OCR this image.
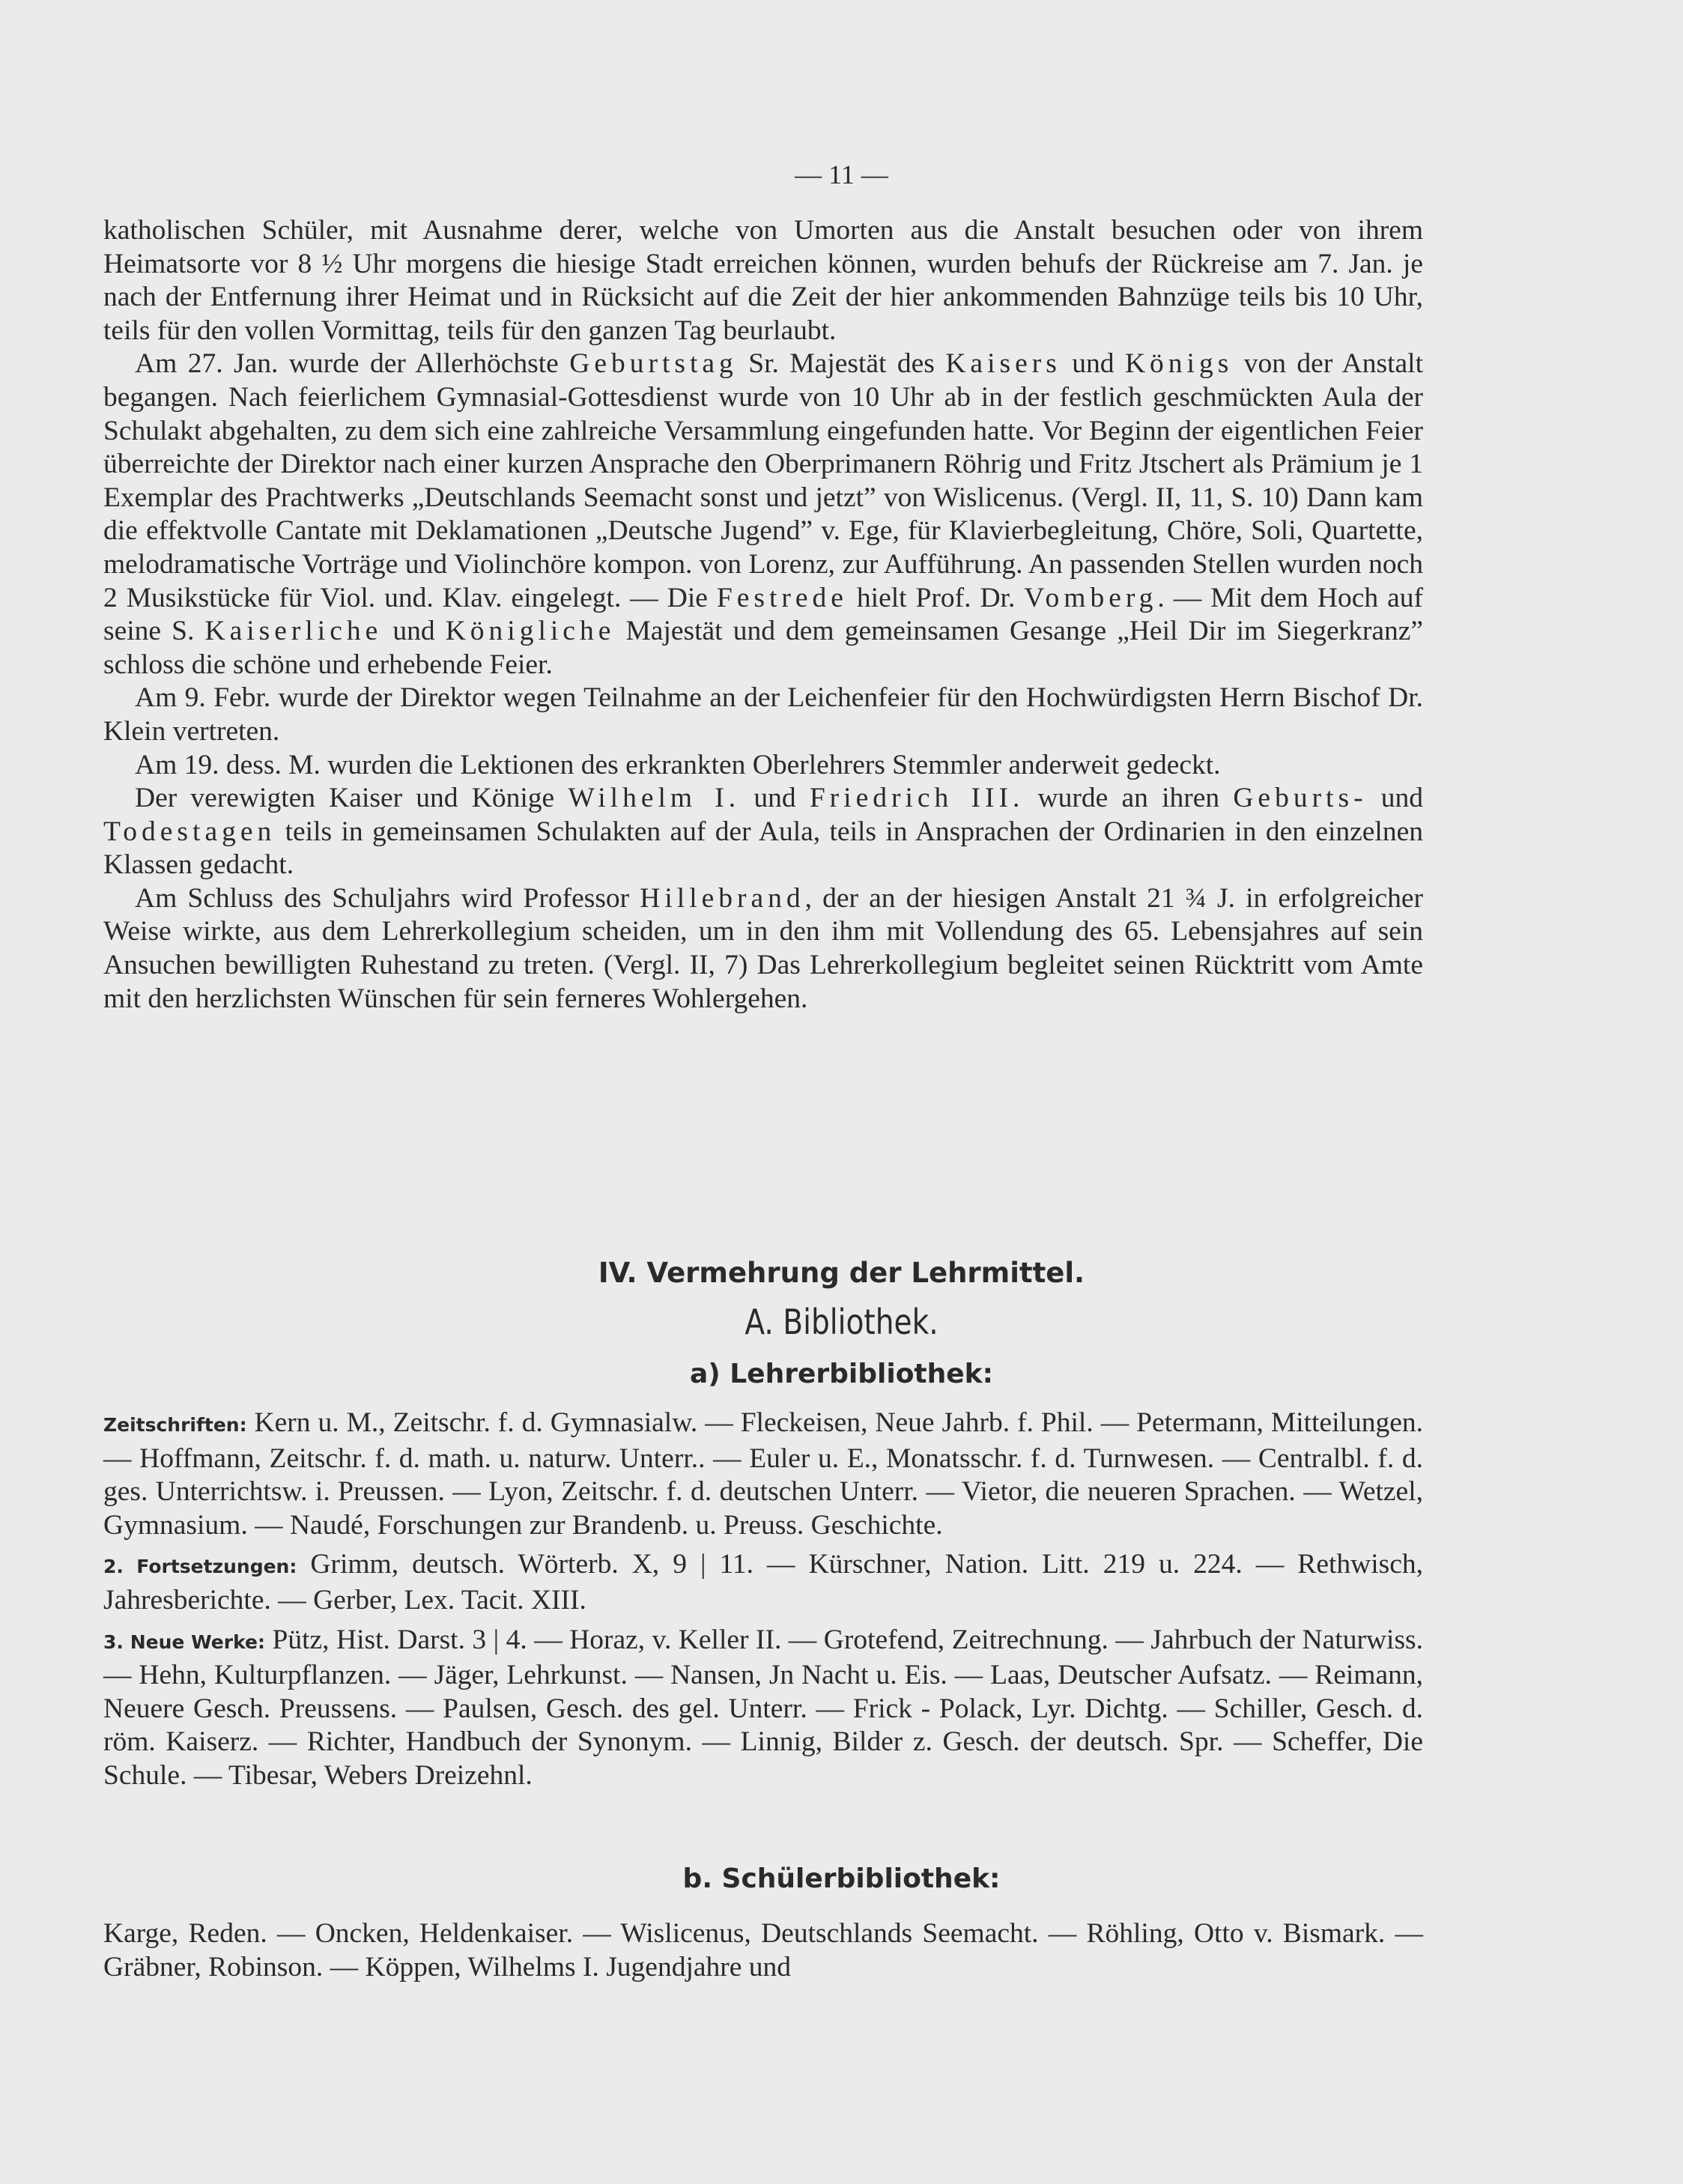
— 11 —

katholischen Schüler, mit Ausnahme derer, welche von Umorten aus die Anstalt besuchen oder von ihrem Heimatsorte vor 8 ½ Uhr morgens die hiesige Stadt erreichen können, wurden behufs der Rückreise am 7. Jan. je nach der Entfernung ihrer Heimat und in Rücksicht auf die Zeit der hier ankommenden Bahnzüge teils bis 10 Uhr, teils für den vollen Vormittag, teils für den ganzen Tag beurlaubt.

Am 27. Jan. wurde der Allerhöchste Geburtstag Sr. Majestät des Kaisers und Königs von der Anstalt begangen. Nach feierlichem Gymnasial-Gottesdienst wurde von 10 Uhr ab in der festlich geschmückten Aula der Schulakt abgehalten, zu dem sich eine zahlreiche Versammlung eingefunden hatte. Vor Beginn der eigentlichen Feier überreichte der Direktor nach einer kurzen Ansprache den Oberprimanern Röhrig und Fritz Jtschert als Prämium je 1 Exemplar des Prachtwerks „Deutschlands Seemacht sonst und jetzt” von Wislicenus. (Vergl. II, 11, S. 10) Dann kam die effektvolle Cantate mit Deklamationen „Deutsche Jugend” v. Ege, für Klavierbegleitung, Chöre, Soli, Quartette, melodramatische Vorträge und Violinchöre kompon. von Lorenz, zur Aufführung. An passenden Stellen wurden noch 2 Musikstücke für Viol. und. Klav. eingelegt. — Die Festrede hielt Prof. Dr. Vomberg. — Mit dem Hoch auf seine S. Kaiserliche und Königliche Majestät und dem gemeinsamen Gesange „Heil Dir im Siegerkranz” schloss die schöne und erhebende Feier.

Am 9. Febr. wurde der Direktor wegen Teilnahme an der Leichenfeier für den Hochwürdigsten Herrn Bischof Dr. Klein vertreten.

Am 19. dess. M. wurden die Lektionen des erkrankten Oberlehrers Stemmler anderweit gedeckt.

Der verewigten Kaiser und Könige Wilhelm I. und Friedrich III. wurde an ihren Geburts- und Todestagen teils in gemeinsamen Schulakten auf der Aula, teils in Ansprachen der Ordinarien in den einzelnen Klassen gedacht.

Am Schluss des Schuljahrs wird Professor Hillebrand, der an der hiesigen Anstalt 21 ¾ J. in erfolgreicher Weise wirkte, aus dem Lehrerkollegium scheiden, um in den ihm mit Vollendung des 65. Lebensjahres auf sein Ansuchen bewilligten Ruhestand zu treten. (Vergl. II, 7) Das Lehrerkollegium begleitet seinen Rücktritt vom Amte mit den herzlichsten Wünschen für sein ferneres Wohlergehen.

IV. Vermehrung der Lehrmittel.
A. Bibliothek.
a) Lehrerbibliothek:

Zeitschriften: Kern u. M., Zeitschr. f. d. Gymnasialw. — Fleckeisen, Neue Jahrb. f. Phil. — Petermann, Mitteilungen. — Hoffmann, Zeitschr. f. d. math. u. naturw. Unterr.. — Euler u. E., Monatsschr. f. d. Turnwesen. — Centralbl. f. d. ges. Unterrichtsw. i. Preussen. — Lyon, Zeitschr. f. d. deutschen Unterr. — Vietor, die neueren Sprachen. — Wetzel, Gymnasium. — Naudé, Forschungen zur Brandenb. u. Preuss. Geschichte.

2. Fortsetzungen: Grimm, deutsch. Wörterb. X, 9 | 11. — Kürschner, Nation. Litt. 219 u. 224. — Rethwisch, Jahresberichte. — Gerber, Lex. Tacit. XIII.

3. Neue Werke: Pütz, Hist. Darst. 3 | 4. — Horaz, v. Keller II. — Grotefend, Zeitrechnung. — Jahrbuch der Naturwiss. — Hehn, Kulturpflanzen. — Jäger, Lehrkunst. — Nansen, Jn Nacht u. Eis. — Laas, Deutscher Aufsatz. — Reimann, Neuere Gesch. Preussens. — Paulsen, Gesch. des gel. Unterr. — Frick - Polack, Lyr. Dichtg. — Schiller, Gesch. d. röm. Kaiserz. — Richter, Handbuch der Synonym. — Linnig, Bilder z. Gesch. der deutsch. Spr. — Scheffer, Die Schule. — Tibesar, Webers Dreizehnl.

b. Schülerbibliothek:

Karge, Reden. — Oncken, Heldenkaiser. — Wislicenus, Deutschlands Seemacht. — Röhling, Otto v. Bismark. — Gräbner, Robinson. — Köppen, Wilhelms I. Jugendjahre und
